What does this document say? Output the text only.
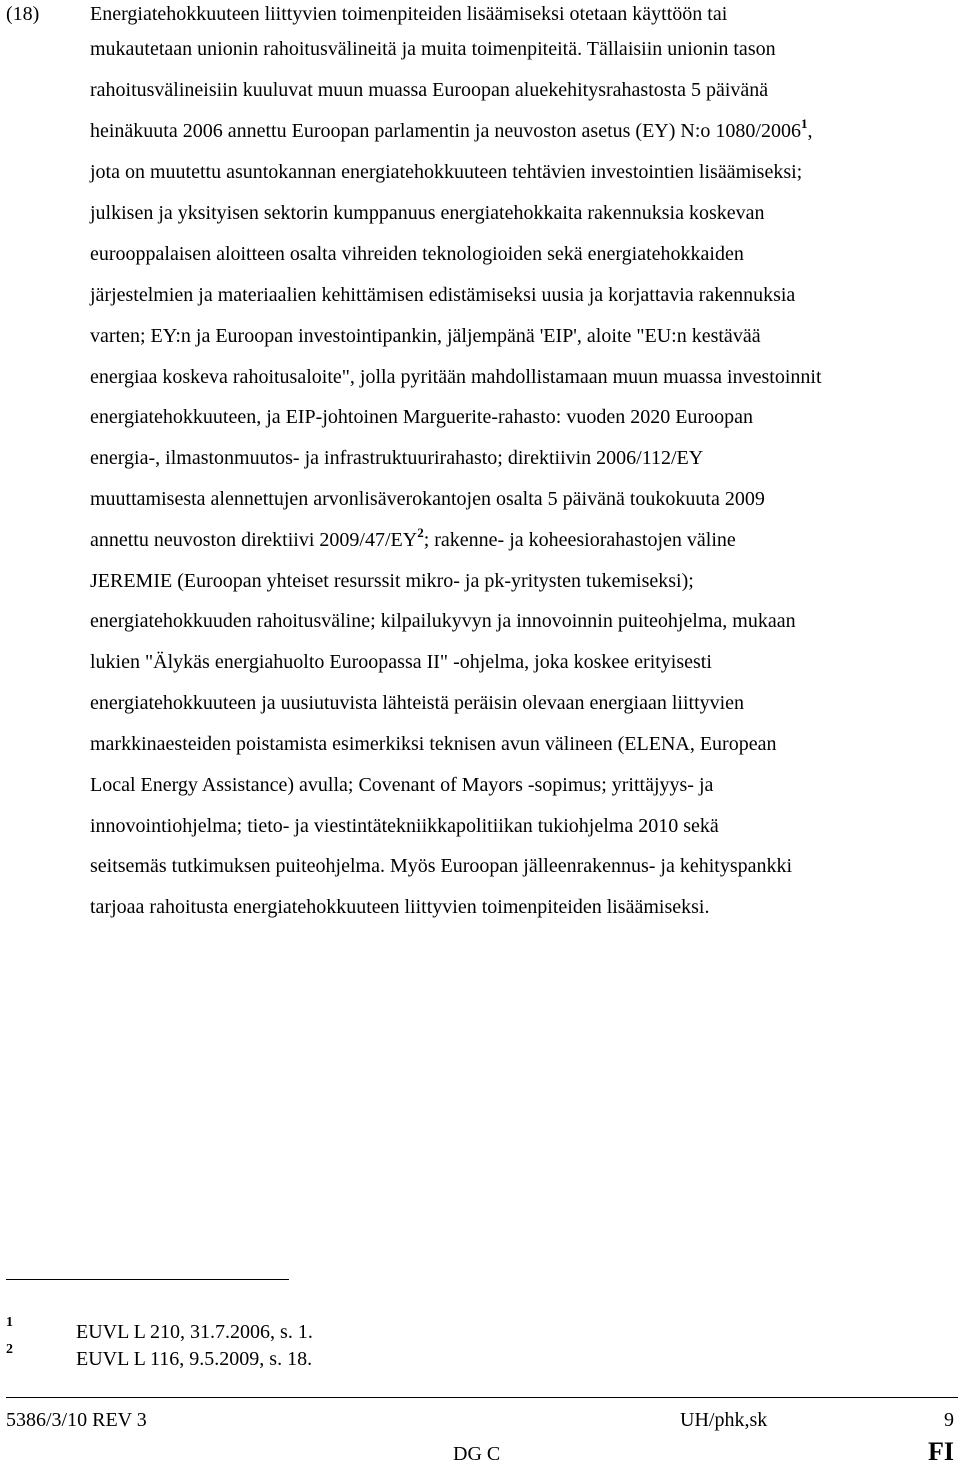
(18)	Energiatehokkuuteen liittyvien toimenpiteiden lisäämiseksi otetaan käyttöön tai
mukautetaan unionin rahoitusvälineitä ja muita toimenpiteitä. Tällaisiin unionin tason
rahoitusvälineisiin kuuluvat muun muassa Euroopan aluekehitysrahastosta 5 päivänä
heinäkuuta 2006 annettu Euroopan parlamentin ja neuvoston asetus (EY) N:o 1080/2006$^1$,
jota on muutettu asuntokannan energiatehokkuuteen tehtävien investointien lisäämiseksi;
julkisen ja yksityisen sektorin kumppanuus energiatehokkaita rakennuksia koskevan
eurooppalaisen aloitteen osalta vihreiden teknologioiden sekä energiatehokkaiden
järjestelmien ja materiaalien kehittämisen edistämiseksi uusia ja korjattavia rakennuksia
varten; EY:n ja Euroopan investointipankin, jäljempänä 'EIP', aloite "EU:n kestävää
energiaa koskeva rahoitusaloite", jolla pyritään mahdollistamaan muun muassa investoinnit
energiatehokkuuteen, ja EIP-johtoinen Marguerite-rahasto: vuoden 2020 Euroopan
energia-, ilmastonmuutos- ja infrastruktuurirahasto; direktiivin 2006/112/EY
muuttamisesta alennettujen arvonlisäverokantojen osalta 5 päivänä toukokuuta 2009
annettu neuvoston direktiivi $2009/47/EY^2$; rakenne- ja koheesiorahastojen väline
JEREMIE (Euroopan yhteiset resurssit mikro- ja pk-yritysten tukemiseksi);
energiatehokkuuden rahoitusväline; kilpailukyvyn ja innovoinnin puiteohjelma, mukaan
lukien "Älykäs energiahuolto Euroopassa II" -ohjelma, joka koskee erityisesti
energiatehokkuuteen ja uusiutuvista lähteistä peräisin olevaan energiaan liittyvien
markkinaesteiden poistamista esimerkiksi teknisen avun välineen (ELENA, European
Local Energy Assistance) avulla; Covenant of Mayors -sopimus; yrittäjyys- ja
innovointiohjelma; tieto- ja viestintätekniikkapolitiikan tukiohjelma 2010 sekä
seitsemäs tutkimuksen puiteohjelma. Myös Euroopan jälleenrakennus- ja kehityspankki
tarjoaa rahoitusta energiatehokkuuteen liittyvien toimenpiteiden lisäämiseksi.
1	EUVL L 210, 31.7.2006, s. 1.
2	EUVL L 116, 9.5.2009, s. 18.
5386/3/10 REV 3	UH/phk,sk	9
DG C	FI
